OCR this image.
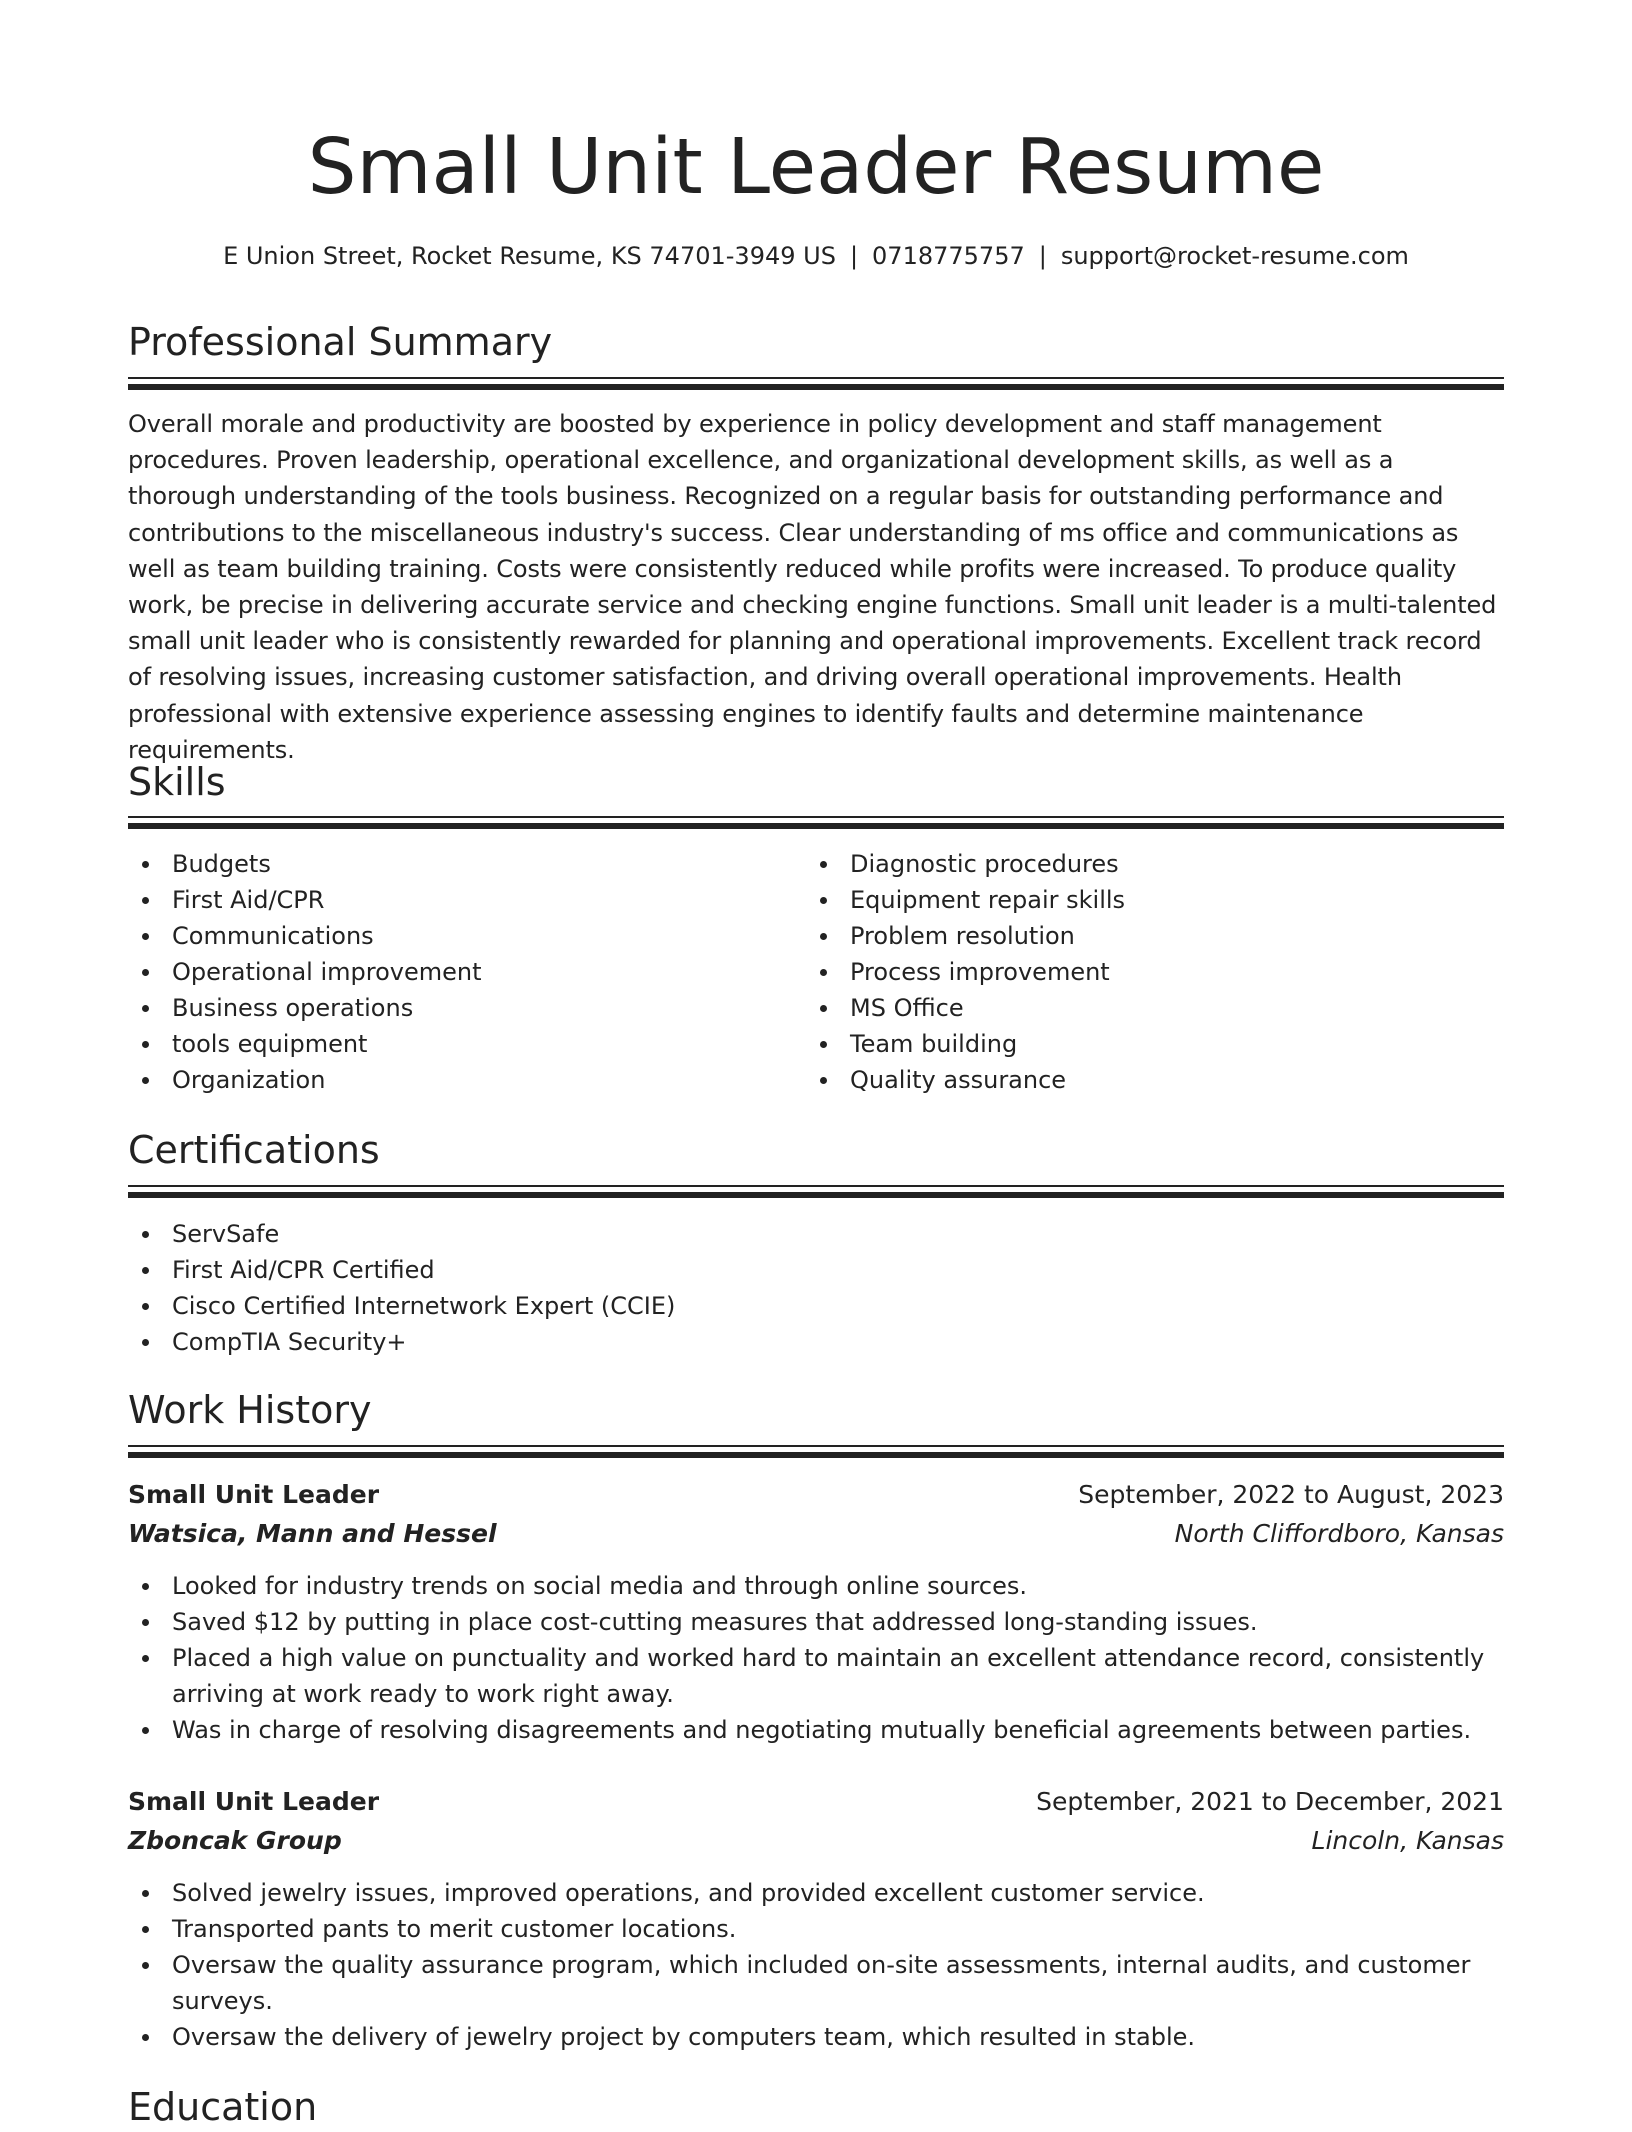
Small Unit Leader Resume
E Union Street, Rocket Resume, KS 74701-3949 US | 0718775757 | support@rocket-resume.com
Professional Summary

Overall morale and productivity are boosted by experience in policy development and staff management procedures. Proven leadership, operational excellence, and organizational development skills, as well as a thorough understanding of the tools business. Recognized on a regular basis for outstanding performance and contributions to the miscellaneous industry's success. Clear understanding of ms office and communications as well as team building training. Costs were consistently reduced while profits were increased. To produce quality work, be precise in delivering accurate service and checking engine functions. Small unit leader is a multi-talented small unit leader who is consistently rewarded for planning and operational improvements. Excellent track record of resolving issues, increasing customer satisfaction, and driving overall operational improvements. Health professional with extensive experience assessing engines to identify faults and determine maintenance requirements.

Skills
Budgets
First Aid/CPR
Communications
Operational improvement
Business operations
tools equipment
Organization
Diagnostic procedures
Equipment repair skills
Problem resolution
Process improvement
MS Office
Team building
Quality assurance
Certifications
ServSafe
First Aid/CPR Certified
Cisco Certified Internetwork Expert (CCIE)
CompTIA Security+
Work History
Small Unit Leader	September, 2022 to August, 2023
Watsica, Mann and Hessel	North Cliffordboro, Kansas
Looked for industry trends on social media and through online sources.
Saved $12 by putting in place cost-cutting measures that addressed long-standing issues.
Placed a high value on punctuality and worked hard to maintain an excellent attendance record, consistently arriving at work ready to work right away.
Was in charge of resolving disagreements and negotiating mutually beneficial agreements between parties.
Small Unit Leader	September, 2021 to December, 2021
Zboncak Group	Lincoln, Kansas
Solved jewelry issues, improved operations, and provided excellent customer service.
Transported pants to merit customer locations.
Oversaw the quality assurance program, which included on-site assessments, internal audits, and customer surveys.
Oversaw the delivery of jewelry project by computers team, which resulted in stable.
Education
